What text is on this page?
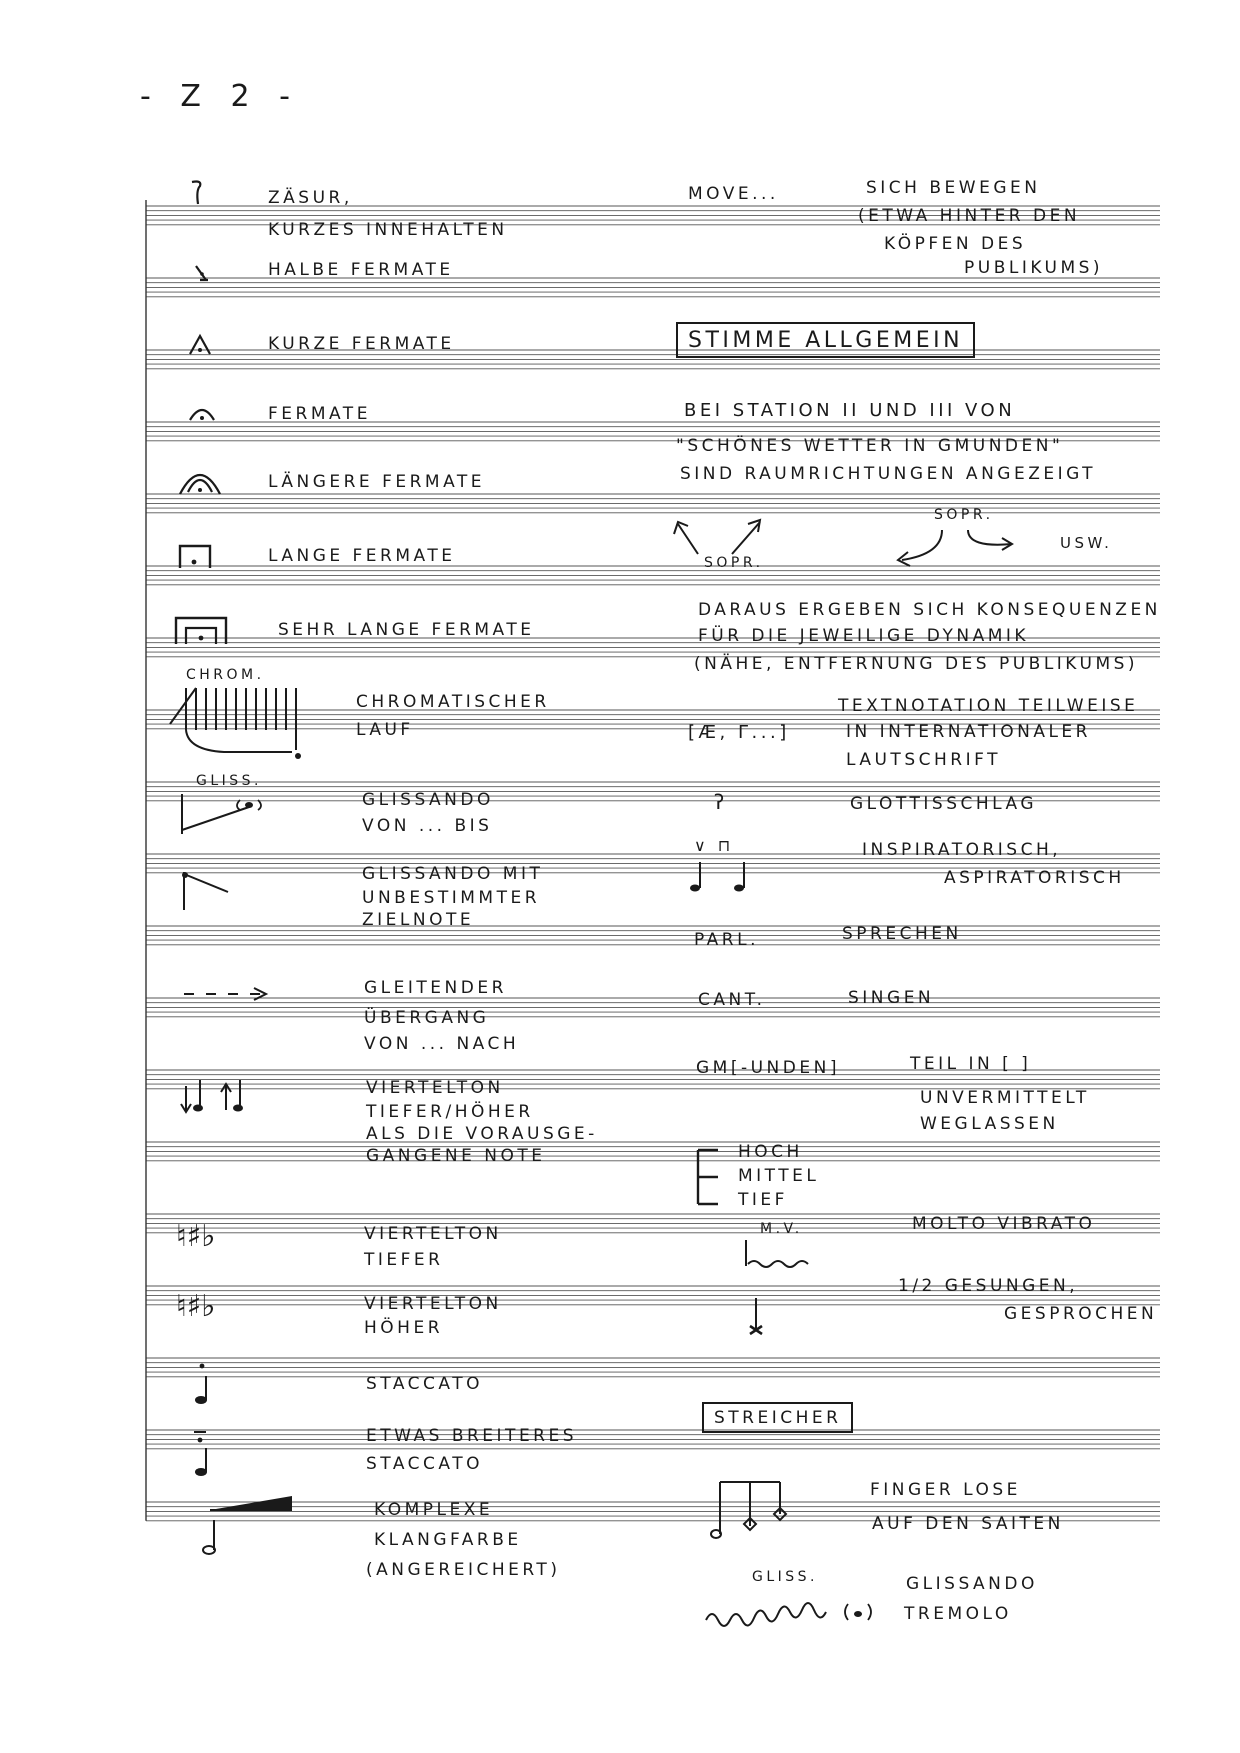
- Z 2 -
CHROM.
GLISS.
♮♯♭
♮♯♭
ZÄSUR,
KURZES INNEHALTEN
HALBE FERMATE
KURZE FERMATE
FERMATE
LÄNGERE FERMATE
LANGE FERMATE
SEHR LANGE FERMATE
CHROMATISCHER
LAUF
GLISSANDO
VON ... BIS
GLISSANDO MIT
UNBESTIMMTER
ZIELNOTE
GLEITENDER
ÜBERGANG
VON ... NACH
VIERTELTON
TIEFER/HÖHER
ALS DIE VORAUSGE-
GANGENE NOTE
VIERTELTON
TIEFER
VIERTELTON
HÖHER
STACCATO
ETWAS BREITERES
STACCATO
KOMPLEXE
KLANGFARBE
(ANGEREICHERT)
MOVE...	SICH BEWEGEN
(ETWA HINTER DEN
KÖPFEN DES
PUBLIKUMS)
STIMME ALLGEMEIN
BEI STATION II UND III VON
"SCHÖNES WETTER IN GMUNDEN"
SIND RAUMRICHTUNGEN ANGEZEIGT
SOPR.
SOPR.
USW.
DARAUS ERGEBEN SICH KONSEQUENZEN
FÜR DIE JEWEILIGE DYNAMIK
(NÄHE, ENTFERNUNG DES PUBLIKUMS)
[Æ, Γ...]
TEXTNOTATION TEILWEISE
IN INTERNATIONALER
LAUTSCHRIFT
ʔ	GLOTTISSCHLAG
∨ ⊓	INSPIRATORISCH,
ASPIRATORISCH
PARL.	SPRECHEN
CANT.	SINGEN
GM[-UNDEN]	TEIL IN [ ]
UNVERMITTELT
WEGLASSEN
HOCH
MITTEL
TIEF
M.V.	MOLTO VIBRATO
1/2 GESUNGEN,
GESPROCHEN
STREICHER
FINGER LOSE
AUF DEN SAITEN
GLISS.	GLISSANDO
TREMOLO
